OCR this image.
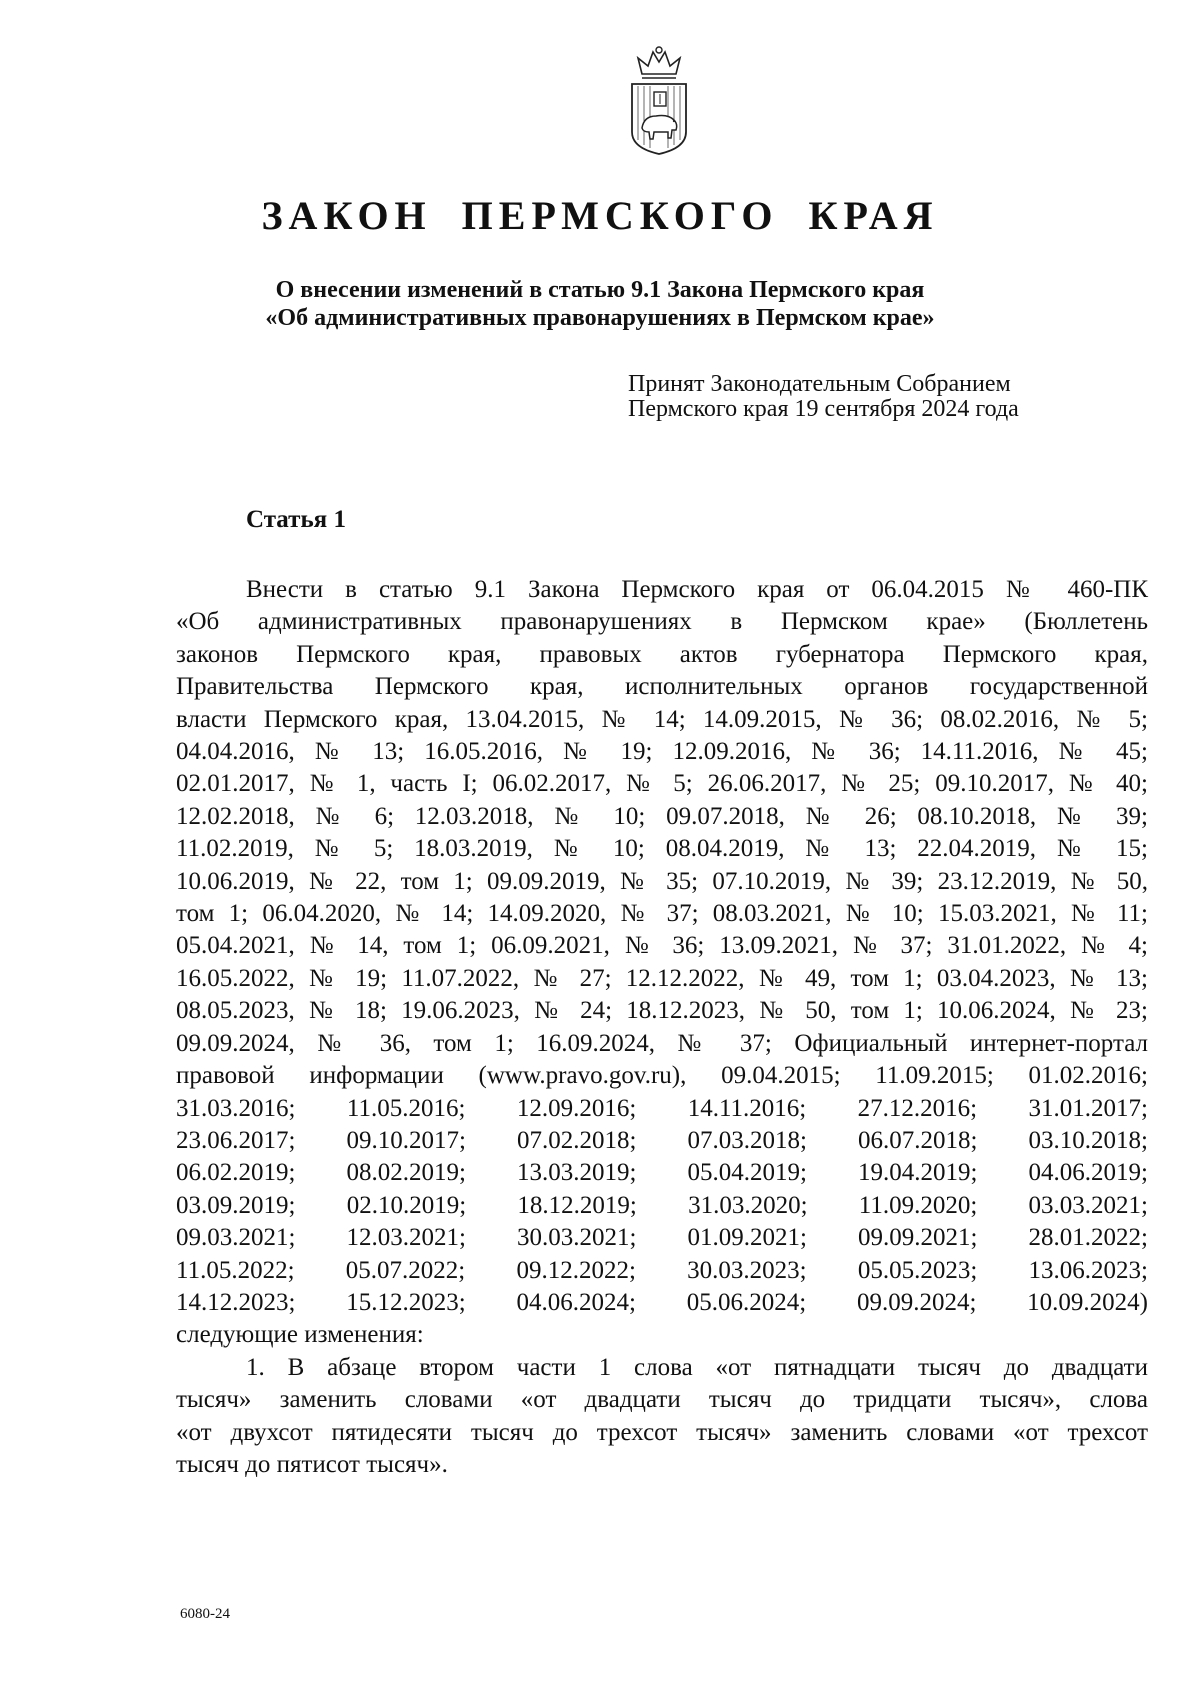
ЗАКОН ПЕРМСКОГО КРАЯ
О внесении изменений в статью 9.1 Закона Пермского края
«Об административных правонарушениях в Пермском крае»
Принят Законодательным Собранием
Пермского края 19 сентября 2024 года
Статья 1
Внести в статью 9.1 Закона Пермского края от 06.04.2015 № 460-ПК
«Об административных правонарушениях в Пермском крае» (Бюллетень
законов Пермского края, правовых актов губернатора Пермского края,
Правительства Пермского края, исполнительных органов государственной
власти Пермского края, 13.04.2015, № 14; 14.09.2015, № 36; 08.02.2016, № 5;
04.04.2016, № 13; 16.05.2016, № 19; 12.09.2016, № 36; 14.11.2016, № 45;
02.01.2017, № 1, часть I; 06.02.2017, № 5; 26.06.2017, № 25; 09.10.2017, № 40;
12.02.2018, № 6; 12.03.2018, № 10; 09.07.2018, № 26; 08.10.2018, № 39;
11.02.2019, № 5; 18.03.2019, № 10; 08.04.2019, № 13; 22.04.2019, № 15;
10.06.2019, № 22, том 1; 09.09.2019, № 35; 07.10.2019, № 39; 23.12.2019, № 50,
том 1; 06.04.2020, № 14; 14.09.2020, № 37; 08.03.2021, № 10; 15.03.2021, № 11;
05.04.2021, № 14, том 1; 06.09.2021, № 36; 13.09.2021, № 37; 31.01.2022, № 4;
16.05.2022, № 19; 11.07.2022, № 27; 12.12.2022, № 49, том 1; 03.04.2023, № 13;
08.05.2023, № 18; 19.06.2023, № 24; 18.12.2023, № 50, том 1; 10.06.2024, № 23;
09.09.2024, № 36, том 1; 16.09.2024, № 37; Официальный интернет-портал
правовой информации (www.pravo.gov.ru), 09.04.2015; 11.09.2015; 01.02.2016;
31.03.2016; 11.05.2016; 12.09.2016; 14.11.2016; 27.12.2016; 31.01.2017;
23.06.2017; 09.10.2017; 07.02.2018; 07.03.2018; 06.07.2018; 03.10.2018;
06.02.2019; 08.02.2019; 13.03.2019; 05.04.2019; 19.04.2019; 04.06.2019;
03.09.2019; 02.10.2019; 18.12.2019; 31.03.2020; 11.09.2020; 03.03.2021;
09.03.2021; 12.03.2021; 30.03.2021; 01.09.2021; 09.09.2021; 28.01.2022;
11.05.2022; 05.07.2022; 09.12.2022; 30.03.2023; 05.05.2023; 13.06.2023;
14.12.2023; 15.12.2023; 04.06.2024; 05.06.2024; 09.09.2024; 10.09.2024)
следующие изменения:
1. В абзаце втором части 1 слова «от пятнадцати тысяч до двадцати
тысяч» заменить словами «от двадцати тысяч до тридцати тысяч», слова
«от двухсот пятидесяти тысяч до трехсот тысяч» заменить словами «от трехсот
тысяч до пятисот тысяч».
6080-24
